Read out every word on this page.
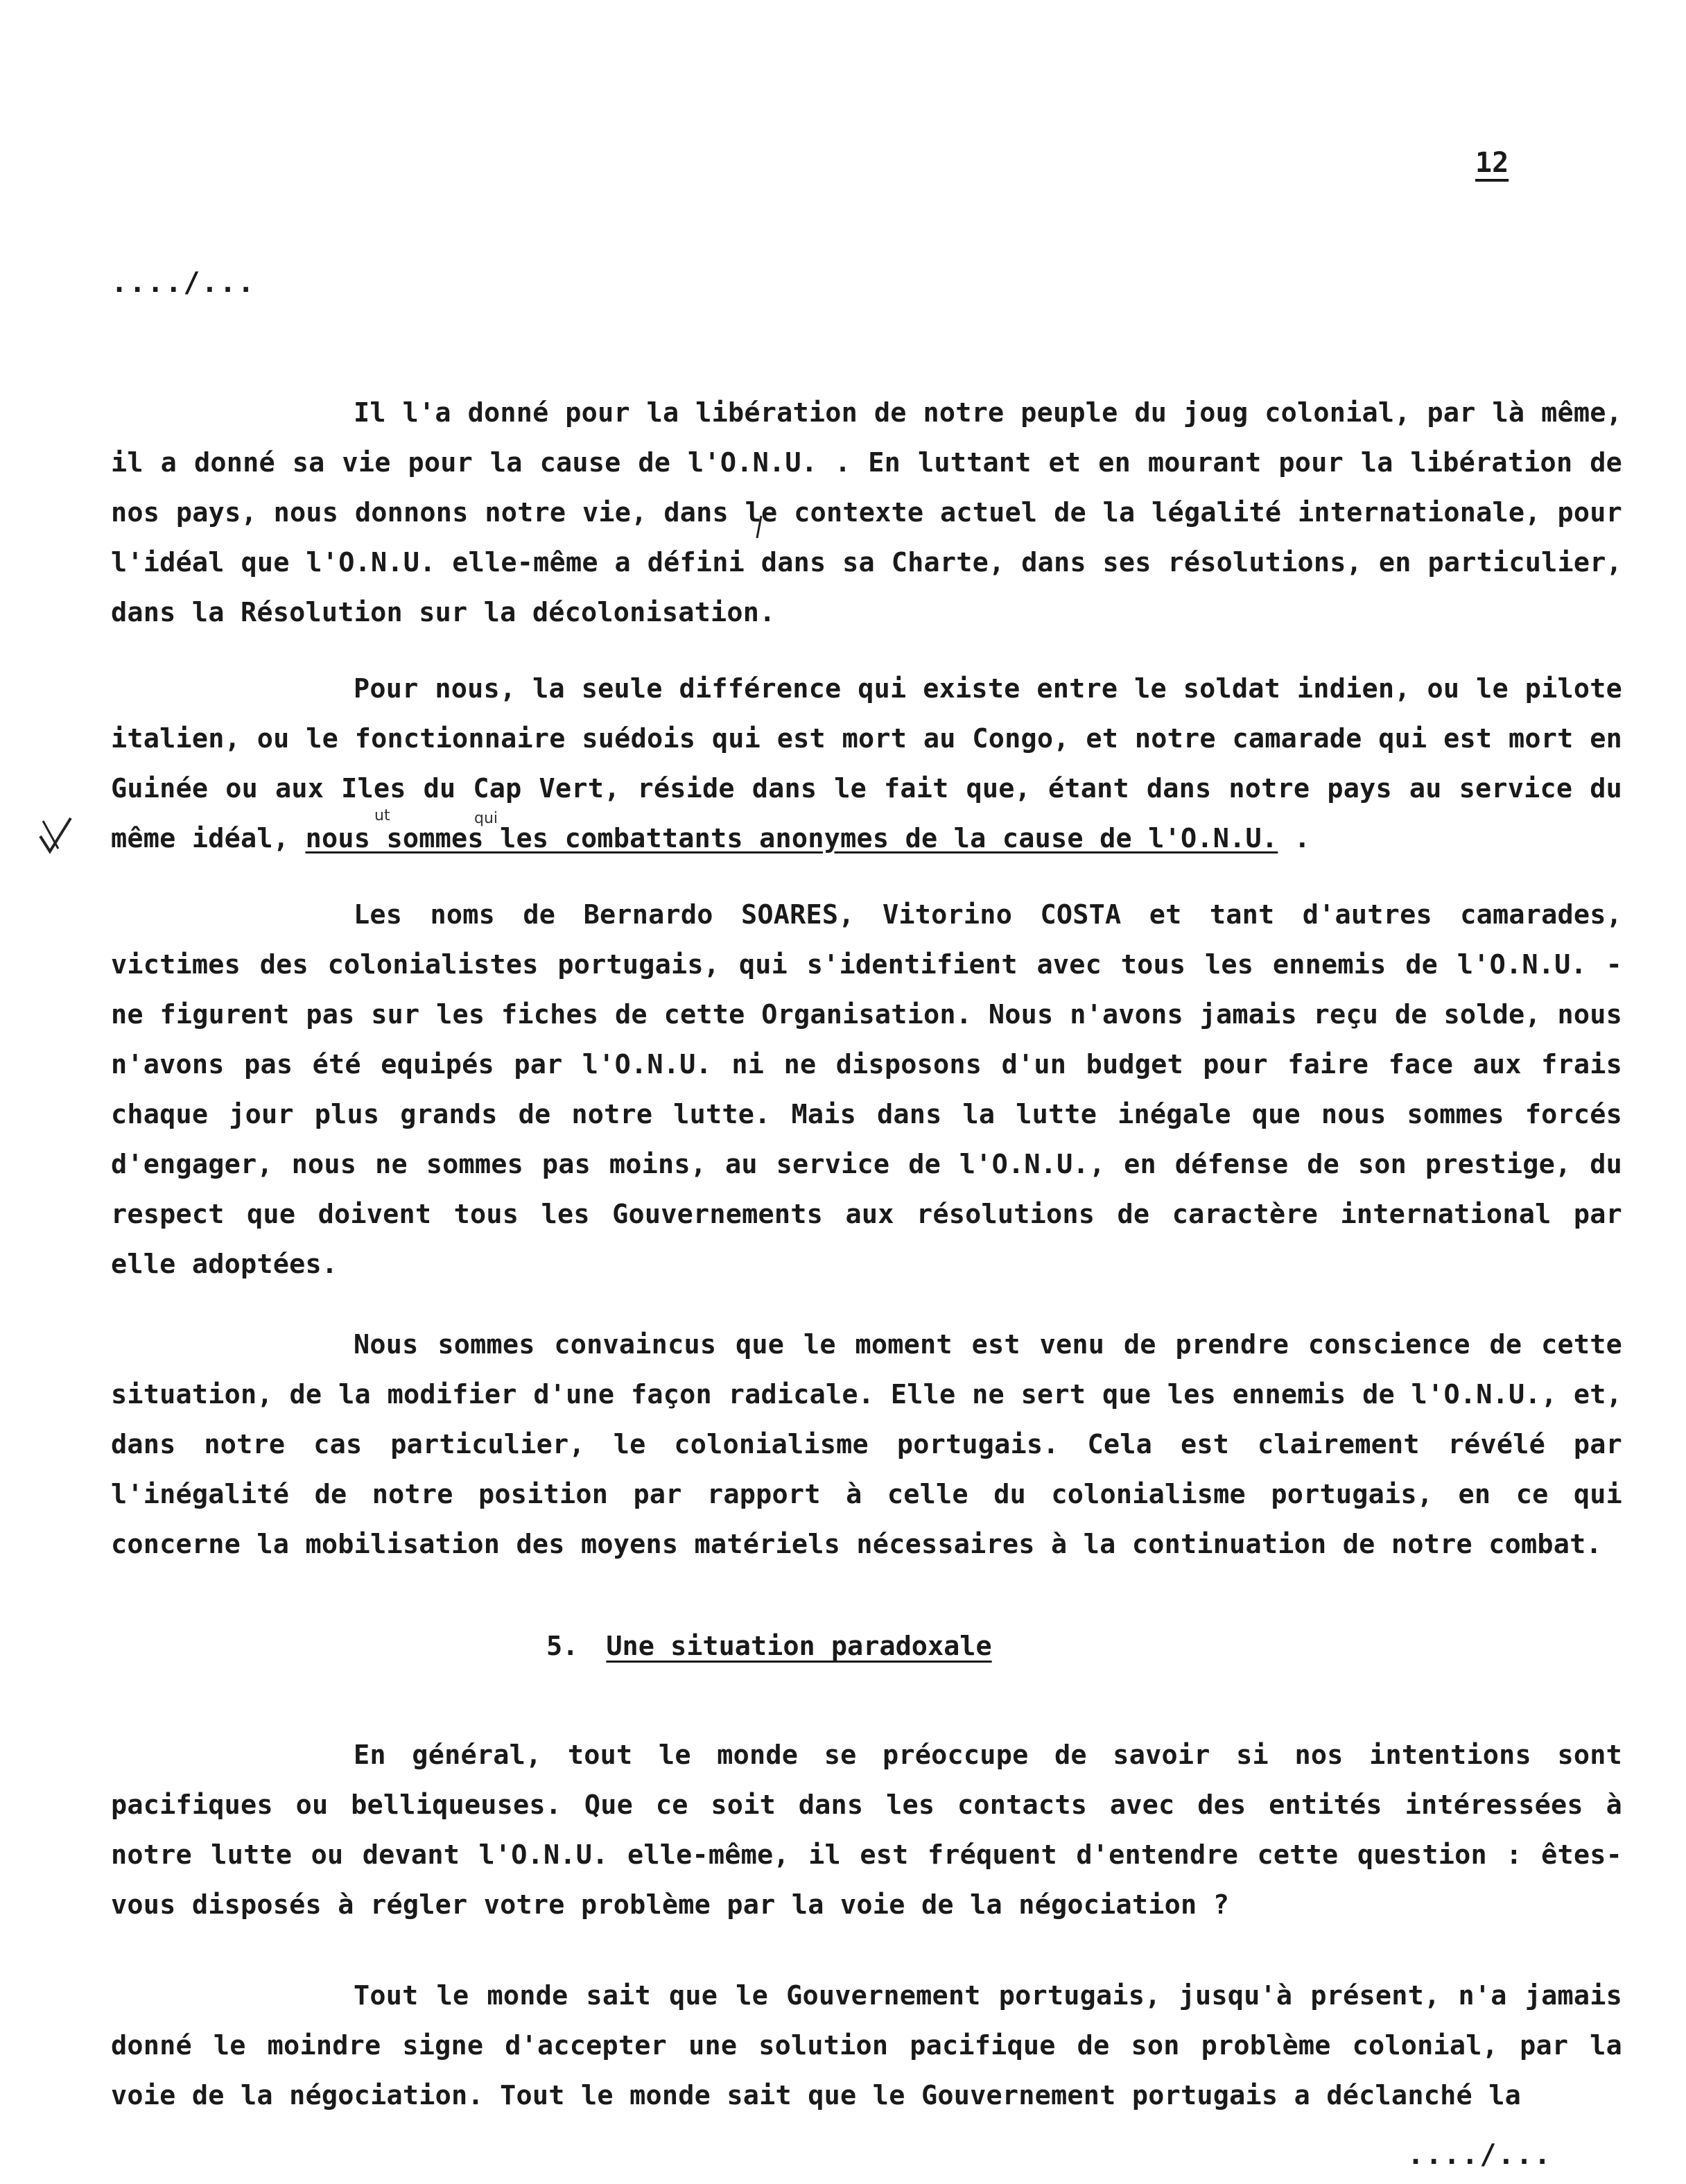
12
..../...

Il l'a donné pour la libération de notre peuple du joug colonial, par là même, il a donné sa vie pour la cause de l'O.N.U. . En luttant et en mourant pour la libération de nos pays, nous donnons notre vie, dans le contexte actuel de la légalité internationale, pour l'idéal que l'O.N.U. elle-même a défini dans sa Charte, dans ses résolutions, en particulier, dans la Résolution sur la décolonisation.

Pour nous, la seule différence qui existe entre le soldat indien, ou le pilote italien, ou le fonctionnaire suédois qui est mort au Congo, et notre camarade qui est mort en Guinée ou aux Iles du Cap Vert, réside dans le fait que, étant dans notre pays au service du même idéal, nous sommes les combattants anonymes de la cause de l'O.N.U. .

ut	qui

Les noms de Bernardo SOARES, Vitorino COSTA et tant d'autres camarades, victimes des colonialistes portugais, qui s'identifient avec tous les ennemis de l'O.N.U. - ne figurent pas sur les fiches de cette Organisation. Nous n'avons jamais reçu de solde, nous n'avons pas été equipés par l'O.N.U. ni ne disposons d'un budget pour faire face aux frais chaque jour plus grands de notre lutte. Mais dans la lutte inégale que nous sommes forcés d'engager, nous ne sommes pas moins, au service de l'O.N.U., en défense de son prestige, du respect que doivent tous les Gouvernements aux résolutions de caractère international par elle adoptées.

Nous sommes convaincus que le moment est venu de prendre conscience de cette situation, de la modifier d'une façon radicale. Elle ne sert que les ennemis de l'O.N.U., et, dans notre cas particulier, le colonialisme portugais. Cela est clairement révélé par l'inégalité de notre position par rapport à celle du colonialisme portugais, en ce qui concerne la mobilisation des moyens matériels nécessaires à la continuation de notre combat.

5. Une situation paradoxale

En général, tout le monde se préoccupe de savoir si nos intentions sont pacifiques ou belliqueuses. Que ce soit dans les contacts avec des entités intéressées à notre lutte ou devant l'O.N.U. elle-même, il est fréquent d'entendre cette question : êtes-vous disposés à régler votre problème par la voie de la négociation ?

Tout le monde sait que le Gouvernement portugais, jusqu'à présent, n'a jamais donné le moindre signe d'accepter une solution pacifique de son problème colonial, par la voie de la négociation. Tout le monde sait que le Gouvernement portugais a déclanché la

..../...
